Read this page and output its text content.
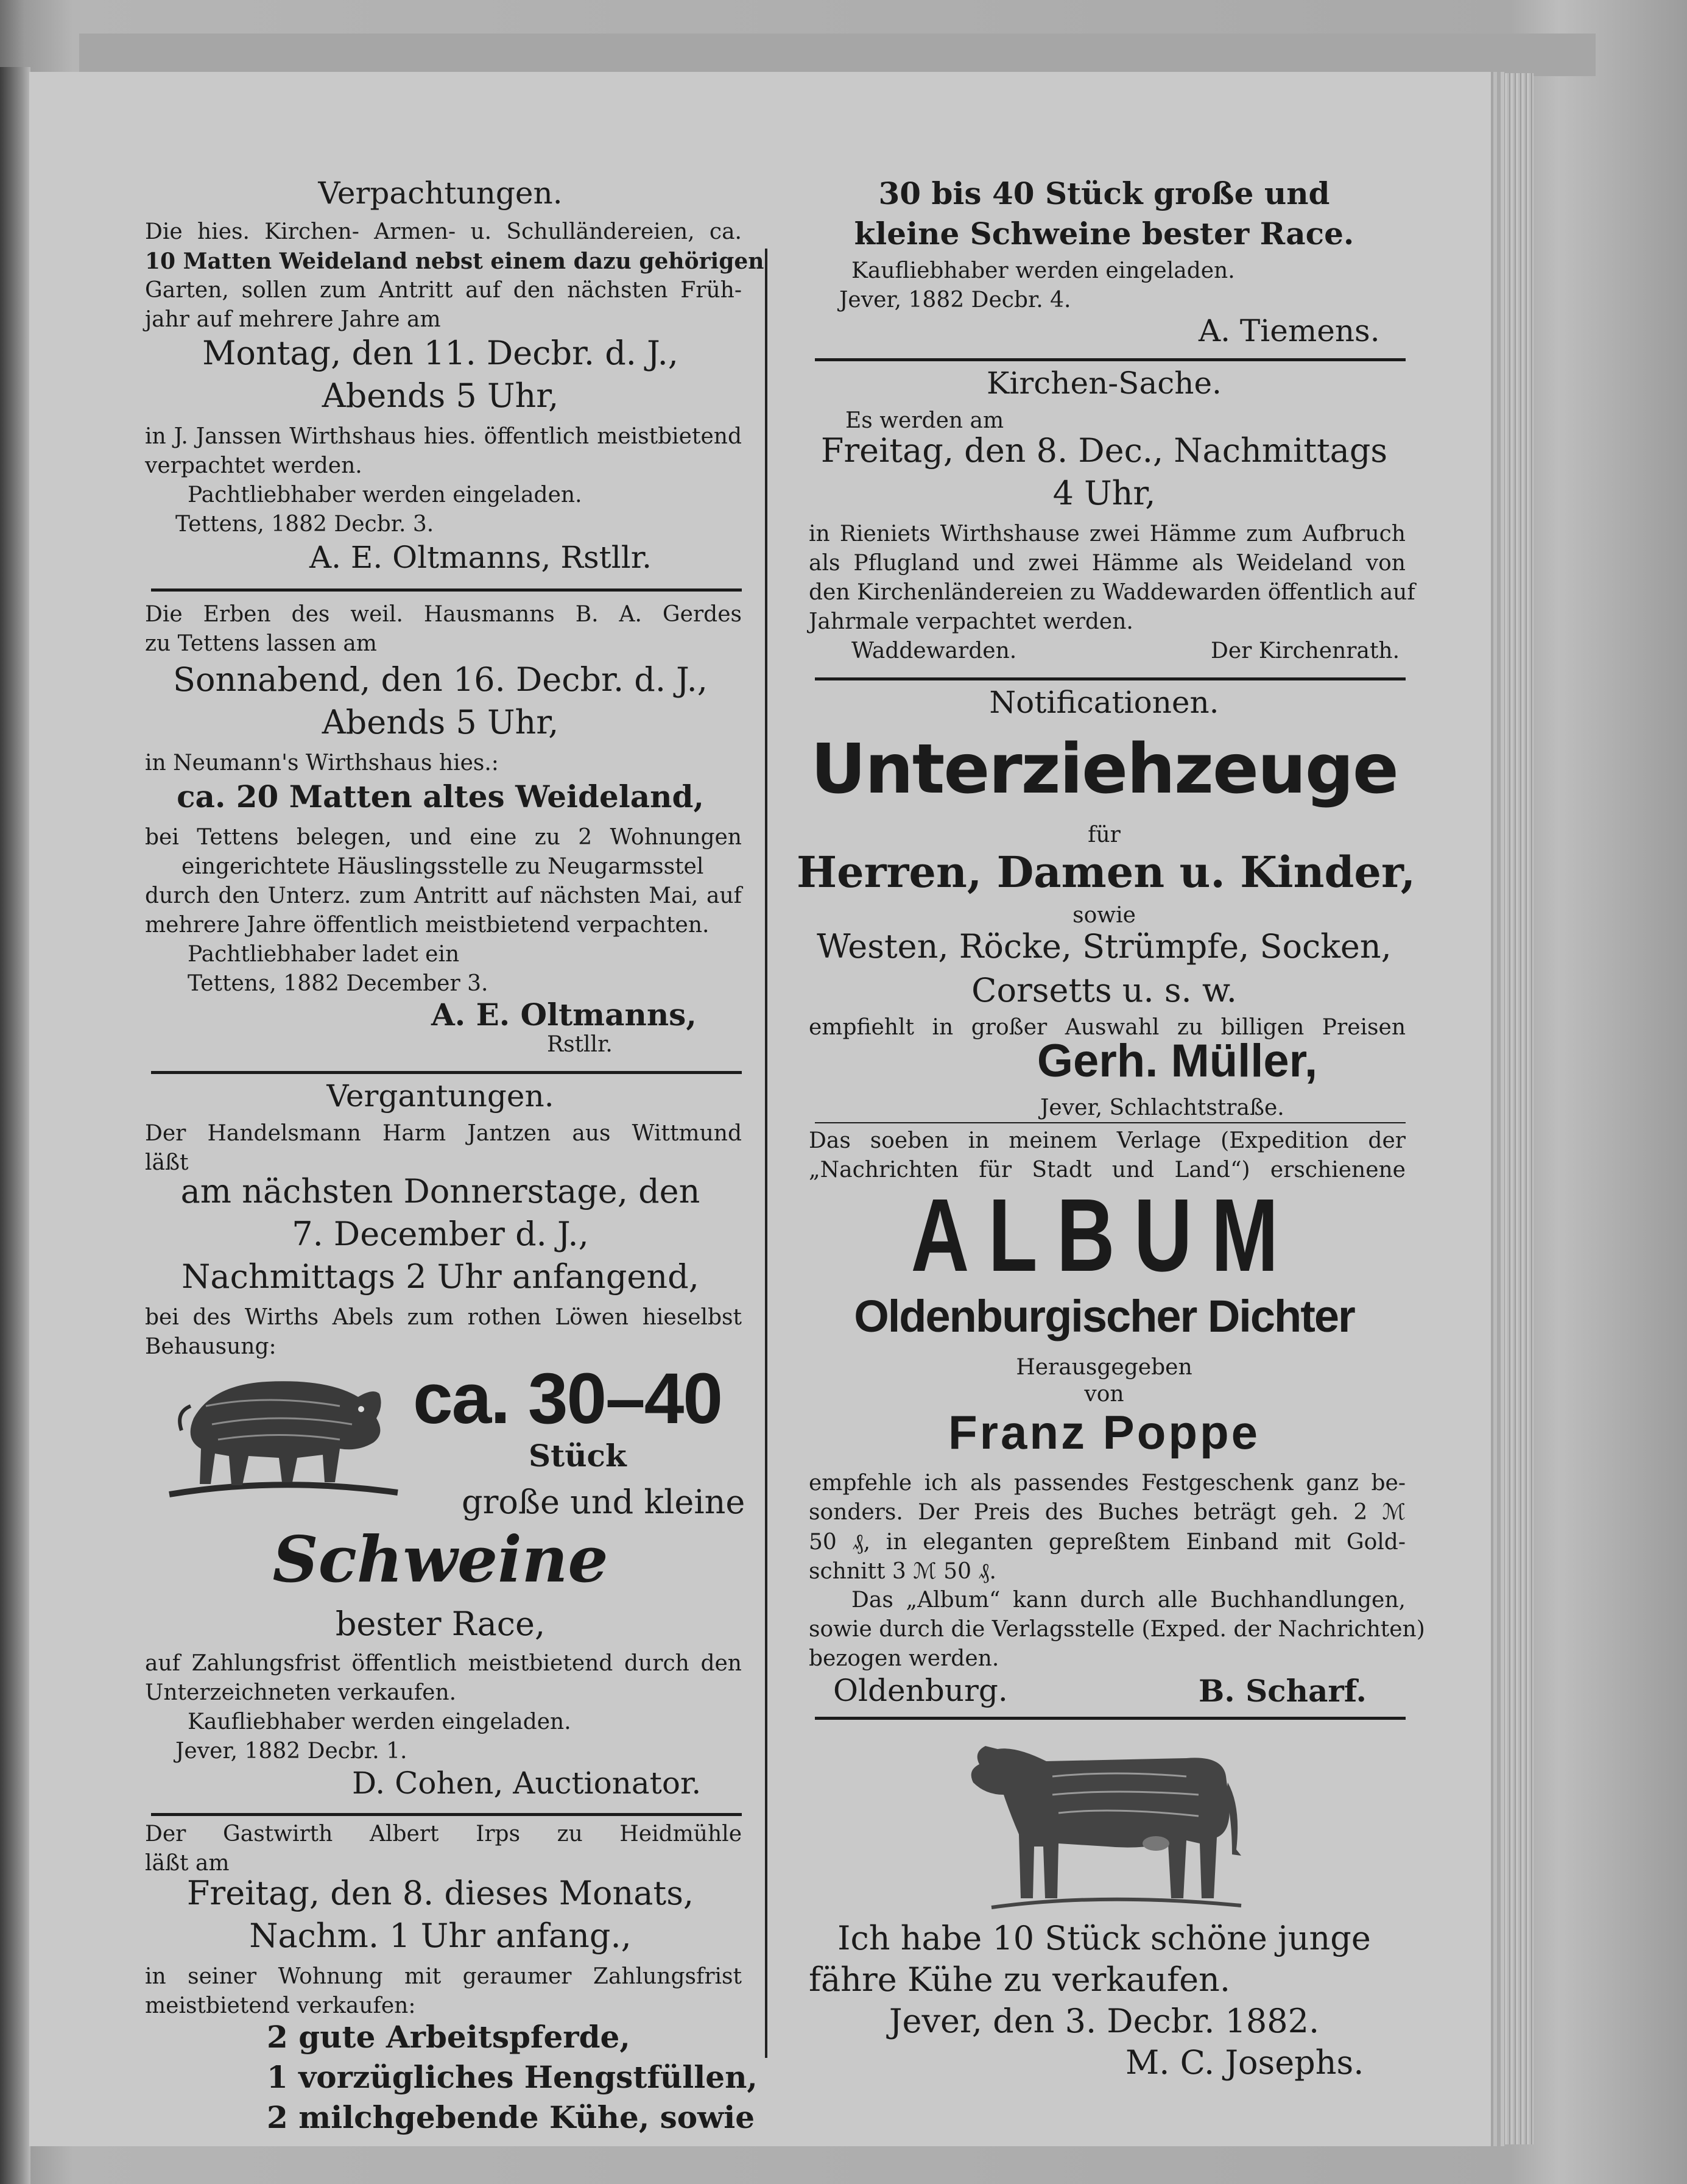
Verpachtungen.
Die hies. Kirchen- Armen- u. Schulländereien, ca.
10 Matten Weideland nebst einem dazu gehörigen
Garten, sollen zum Antritt auf den nächsten Früh-
jahr auf mehrere Jahre am
Montag, den 11. Decbr. d. J.,
Abends 5 Uhr,
in J. Janssen Wirthshaus hies. öffentlich meistbietend
verpachtet werden.
Pachtliebhaber werden eingeladen.
Tettens, 1882 Decbr. 3.
A. E. Oltmanns, Rstllr.
Die Erben des weil. Hausmanns B. A. Gerdes
zu Tettens lassen am
Sonnabend, den 16. Decbr. d. J.,
Abends 5 Uhr,
in Neumann's Wirthshaus hies.:
ca. 20 Matten altes Weideland,
bei Tettens belegen, und eine zu 2 Wohnungen
eingerichtete Häuslingsstelle zu Neugarmsstel
durch den Unterz. zum Antritt auf nächsten Mai, auf
mehrere Jahre öffentlich meistbietend verpachten.
Pachtliebhaber ladet ein
Tettens, 1882 December 3.
A. E. Oltmanns,
Rstllr.
Vergantungen.
Der Handelsmann Harm Jantzen aus Wittmund
läßt
am nächsten Donnerstage, den
7. December d. J.,
Nachmittags 2 Uhr anfangend,
bei des Wirths Abels zum rothen Löwen hieselbst
Behausung:
ca. 30–40
Stück
große und kleine
Schweine
bester Race,
auf Zahlungsfrist öffentlich meistbietend durch den
Unterzeichneten verkaufen.
Kaufliebhaber werden eingeladen.
Jever, 1882 Decbr. 1.
D. Cohen, Auctionator.
Der Gastwirth Albert Irps zu Heidmühle
läßt am
Freitag, den 8. dieses Monats,
Nachm. 1 Uhr anfang.,
in seiner Wohnung mit geraumer Zahlungsfrist
meistbietend verkaufen:
2 gute Arbeitspferde,
1 vorzügliches Hengstfüllen,
2 milchgebende Kühe, sowie
30 bis 40 Stück große und
kleine Schweine bester Race.
Kaufliebhaber werden eingeladen.
Jever, 1882 Decbr. 4.
A. Tiemens.
Kirchen-Sache.
Es werden am
Freitag, den 8. Dec., Nachmittags
4 Uhr,
in Rieniets Wirthshause zwei Hämme zum Aufbruch
als Pflugland und zwei Hämme als Weideland von
den Kirchenländereien zu Waddewarden öffentlich auf
Jahrmale verpachtet werden.
Waddewarden.	Der Kirchenrath.
Notificationen.
Unterziehzeuge
für
Herren, Damen u. Kinder,
sowie
Westen, Röcke, Strümpfe, Socken,
Corsetts u. s. w.
empfiehlt in großer Auswahl zu billigen Preisen
Gerh. Müller,
Jever, Schlachtstraße.
Das soeben in meinem Verlage (Expedition der
„Nachrichten für Stadt und Land“) erschienene
ALBUM
Oldenburgischer Dichter
Herausgegeben
von
Franz Poppe
empfehle ich als passendes Festgeschenk ganz be-
sonders. Der Preis des Buches beträgt geh. 2 ℳ
50 ₰, in eleganten gepreßtem Einband mit Gold-
schnitt 3 ℳ 50 ₰.
Das „Album“ kann durch alle Buchhandlungen,
sowie durch die Verlagsstelle (Exped. der Nachrichten)
bezogen werden.
Oldenburg.	B. Scharf.
Ich habe 10 Stück schöne junge
fähre Kühe zu verkaufen.
Jever, den 3. Decbr. 1882.
M. C. Josephs.
